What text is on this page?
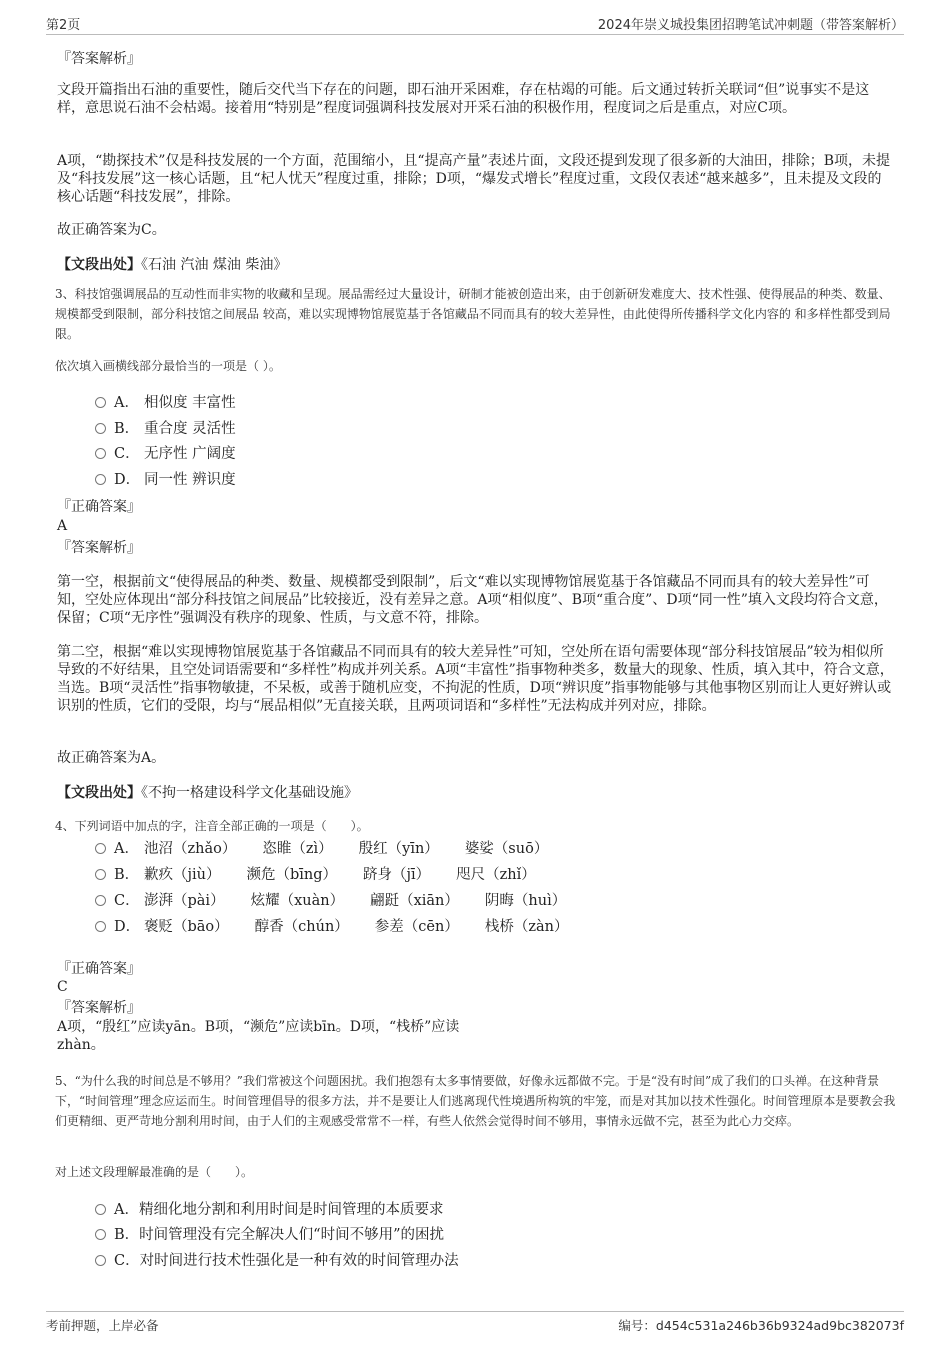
第2页	2024年崇义城投集团招聘笔试冲刺题（带答案解析）
『答案解析』

文段开篇指出石油的重要性，随后交代当下存在的问题，即石油开采困难，存在枯竭的可能。后文通过转折关联词“但”说事实不是这样，意思说石油不会枯竭。接着用“特别是”程度词强调科技发展对开采石油的积极作用，程度词之后是重点，对应C项。

A项，“勘探技术”仅是科技发展的一个方面，范围缩小，且“提高产量”表述片面，文段还提到发现了很多新的大油田，排除；B项，未提及“科技发展”这一核心话题，且“杞人忧天”程度过重，排除；D项，“爆发式增长”程度过重，文段仅表述“越来越多”，且未提及文段的核心话题“科技发展”，排除。

故正确答案为C。

【文段出处】《石油 汽油 煤油 柴油》

3、科技馆强调展品的互动性而非实物的收藏和呈现。展品需经过大量设计，研制才能被创造出来，由于创新研发难度大、技术性强、使得展品的种类、数量、规模都受到限制，部分科技馆之间展品 较高，难以实现博物馆展览基于各馆藏品不同而具有的较大差异性，由此使得所传播科学文化内容的 和多样性都受到局限。

依次填入画横线部分最恰当的一项是（ ）。

A． 相似度 丰富性
B． 重合度 灵活性
C． 无序性 广阔度
D． 同一性 辨识度
『正确答案』
A
『答案解析』

第一空，根据前文“使得展品的种类、数量、规模都受到限制”，后文“难以实现博物馆展览基于各馆藏品不同而具有的较大差异性”可知，空处应体现出“部分科技馆之间展品”比较接近，没有差异之意。A项“相似度”、B项“重合度”、D项“同一性”填入文段均符合文意，保留；C项“无序性”强调没有秩序的现象、性质，与文意不符，排除。

第二空，根据“难以实现博物馆展览基于各馆藏品不同而具有的较大差异性”可知，空处所在语句需要体现“部分科技馆展品”较为相似所导致的不好结果，且空处词语需要和“多样性”构成并列关系。A项“丰富性”指事物种类多，数量大的现象、性质，填入其中，符合文意，当选。B项“灵活性”指事物敏捷，不呆板，或善于随机应变，不拘泥的性质，D项“辨识度”指事物能够与其他事物区别而让人更好辨认或识别的性质，它们的受限，均与“展品相似”无直接关联，且两项词语和“多样性”无法构成并列对应，排除。

故正确答案为A。

【文段出处】《不拘一格建设科学文化基础设施》

4、下列词语中加点的字，注音全部正确的一项是（　　）。

A． 池沼（zhǎo） 恣睢（zì） 殷红（yīn） 婆娑（suō）
B． 歉疚（jiù） 濒危（bīng） 跻身（jī） 咫尺（zhǐ）
C． 澎湃（pài） 炫耀（xuàn） 翩跹（xiān） 阴晦（huì）
D． 褒贬（bāo） 醇香（chún） 参差（cēn） 栈桥（zàn）
『正确答案』
C
『答案解析』
A项，“殷红”应读yān。B项，“濒危”应读bīn。D项，“栈桥”应读
zhàn。

5、“为什么我的时间总是不够用？”我们常被这个问题困扰。我们抱怨有太多事情要做，好像永远都做不完。于是“没有时间”成了我们的口头禅。在这种背景下，“时间管理”理念应运而生。时间管理倡导的很多方法，并不是要让人们逃离现代性境遇所构筑的牢笼，而是对其加以技术性强化。时间管理原本是要教会我们更精细、更严苛地分割利用时间，由于人们的主观感受常常不一样，有些人依然会觉得时间不够用，事情永远做不完，甚至为此心力交瘁。

对上述文段理解最准确的是（　　）。

A．精细化地分割和利用时间是时间管理的本质要求
B．时间管理没有完全解决人们“时间不够用”的困扰
C．对时间进行技术性强化是一种有效的时间管理办法
考前押题，上岸必备	编号：d454c531a246b36b9324ad9bc382073f
